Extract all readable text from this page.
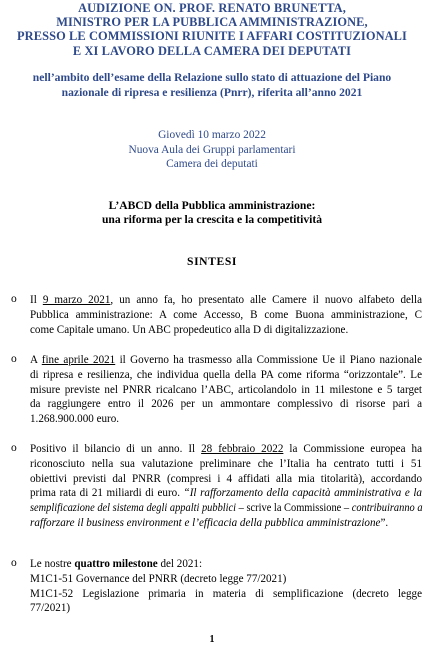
AUDIZIONE ON. PROF. RENATO BRUNETTA,
MINISTRO PER LA PUBBLICA AMMINISTRAZIONE,
PRESSO LE COMMISSIONI RIUNITE I AFFARI COSTITUZIONALI
E XI LAVORO DELLA CAMERA DEI DEPUTATI
nell’ambito dell’esame della Relazione sullo stato di attuazione del Piano
nazionale di ripresa e resilienza (Pnrr), riferita all’anno 2021
Giovedì 10 marzo 2022
Nuova Aula dei Gruppi parlamentari
Camera dei deputati
L’ABCD della Pubblica amministrazione:
una riforma per la crescita e la competitività
SINTESI
o Il 9 marzo 2021, un anno fa, ho presentato alle Camere il nuovo alfabeto della
Pubblica amministrazione: A come Accesso, B come Buona amministrazione, C
come Capitale umano. Un ABC propedeutico alla D di digitalizzazione.
o A fine aprile 2021 il Governo ha trasmesso alla Commissione Ue il Piano nazionale
di ripresa e resilienza, che individua quella della PA come riforma “orizzontale”. Le
misure previste nel PNRR ricalcano l’ABC, articolandolo in 11 milestone e 5 target
da raggiungere entro il 2026 per un ammontare complessivo di risorse pari a
1.268.900.000 euro.
o Positivo il bilancio di un anno. Il 28 febbraio 2022 la Commissione europea ha
riconosciuto nella sua valutazione preliminare che l’Italia ha centrato tutti i 51
obiettivi previsti dal PNRR (compresi i 4 affidati alla mia titolarità), accordando
prima rata di 21 miliardi di euro. “Il rafforzamento della capacità amministrativa e la
semplificazione del sistema degli appalti pubblici – scrive la Commissione – contribuiranno a
rafforzare il business environment e l’efficacia della pubblica amministrazione”.
o Le nostre quattro milestone del 2021:
M1C1-51 Governance del PNRR (decreto legge 77/2021)
M1C1-52 Legislazione primaria in materia di semplificazione (decreto legge
77/2021)
1
